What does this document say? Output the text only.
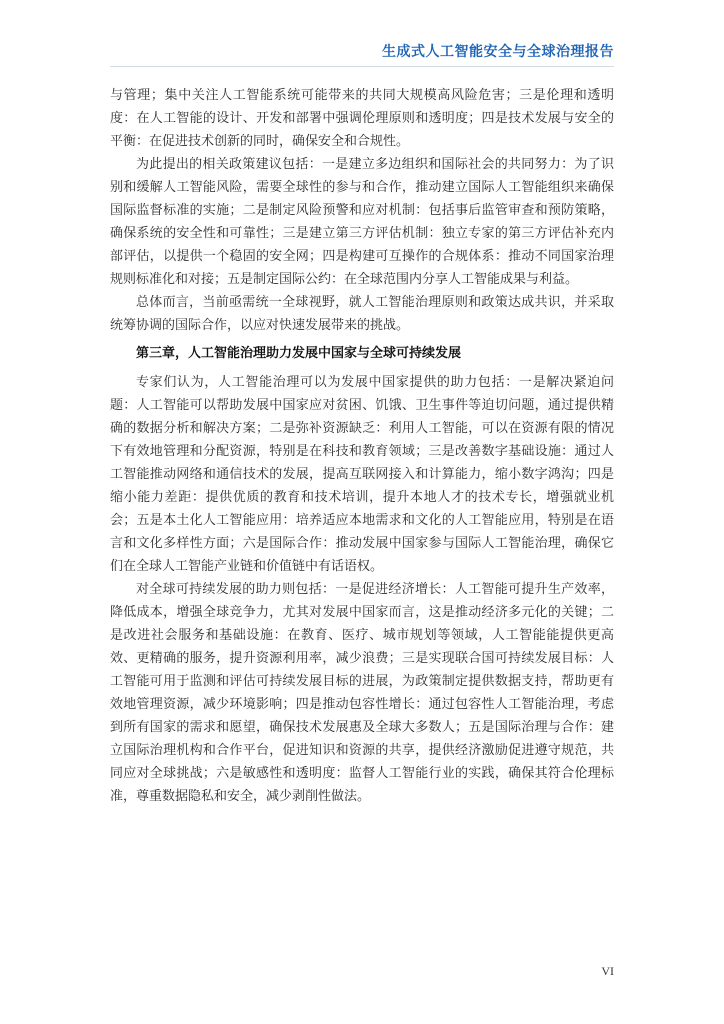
生成式人工智能安全与全球治理报告

与管理；集中关注人工智能系统可能带来的共同大规模高风险危害；三是伦理和透明度：在人工智能的设计、开发和部署中强调伦理原则和透明度；四是技术发展与安全的平衡：在促进技术创新的同时，确保安全和合规性。

为此提出的相关政策建议包括：一是建立多边组织和国际社会的共同努力：为了识别和缓解人工智能风险，需要全球性的参与和合作，推动建立国际人工智能组织来确保国际监督标准的实施；二是制定风险预警和应对机制：包括事后监管审查和预防策略，确保系统的安全性和可靠性；三是建立第三方评估机制：独立专家的第三方评估补充内部评估，以提供一个稳固的安全网；四是构建可互操作的合规体系：推动不同国家治理规则标准化和对接；五是制定国际公约：在全球范围内分享人工智能成果与利益。

总体而言，当前亟需统一全球视野，就人工智能治理原则和政策达成共识，并采取统筹协调的国际合作，以应对快速发展带来的挑战。

第三章，人工智能治理助力发展中国家与全球可持续发展

专家们认为，人工智能治理可以为发展中国家提供的助力包括：一是解决紧迫问题：人工智能可以帮助发展中国家应对贫困、饥饿、卫生事件等迫切问题，通过提供精确的数据分析和解决方案；二是弥补资源缺乏：利用人工智能，可以在资源有限的情况下有效地管理和分配资源，特别是在科技和教育领域；三是改善数字基础设施：通过人工智能推动网络和通信技术的发展，提高互联网接入和计算能力，缩小数字鸿沟；四是缩小能力差距：提供优质的教育和技术培训，提升本地人才的技术专长，增强就业机会；五是本土化人工智能应用：培养适应本地需求和文化的人工智能应用，特别是在语言和文化多样性方面；六是国际合作：推动发展中国家参与国际人工智能治理，确保它们在全球人工智能产业链和价值链中有话语权。

对全球可持续发展的助力则包括：一是促进经济增长：人工智能可提升生产效率，降低成本，增强全球竞争力，尤其对发展中国家而言，这是推动经济多元化的关键；二是改进社会服务和基础设施：在教育、医疗、城市规划等领域，人工智能能提供更高效、更精确的服务，提升资源利用率，减少浪费；三是实现联合国可持续发展目标：人工智能可用于监测和评估可持续发展目标的进展，为政策制定提供数据支持，帮助更有效地管理资源，减少环境影响；四是推动包容性增长：通过包容性人工智能治理，考虑到所有国家的需求和愿望，确保技术发展惠及全球大多数人；五是国际治理与合作：建立国际治理机构和合作平台，促进知识和资源的共享，提供经济激励促进遵守规范，共同应对全球挑战；六是敏感性和透明度：监督人工智能行业的实践，确保其符合伦理标准，尊重数据隐私和安全，减少剥削性做法。

VI
